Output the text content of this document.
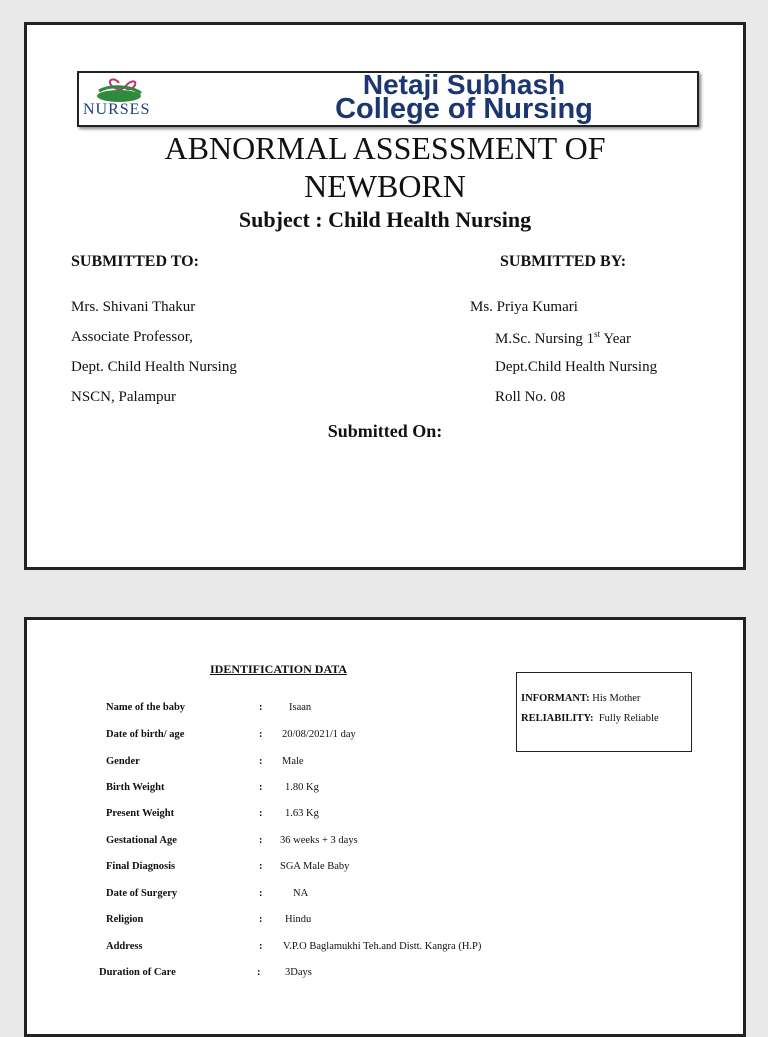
NURSES
Netaji Subhash
College of Nursing
ABNORMAL ASSESSMENT OF
NEWBORN
Subject : Child Health Nursing
SUBMITTED TO:	SUBMITTED BY:
Mrs. Shivani Thakur
Associate Professor,
Dept. Child Health Nursing
NSCN, Palampur
Ms. Priya Kumari
M.Sc. Nursing 1st Year
Dept.Child Health Nursing
Roll No. 08
Submitted On:
IDENTIFICATION DATA
INFORMANT: His Mother
RELIABILITY: Fully Reliable
Name of the baby	:	Isaan
Date of birth/ age	: 20/08/2021/1 day
Gender	: Male
Birth Weight	: 1.80 Kg
Present Weight	: 1.63 Kg
Gestational Age	: 36 weeks + 3 days
Final Diagnosis	: SGA Male Baby
Date of Surgery	:	NA
Religion	: Hindu
Address	: V.P.O Baglamukhi Teh.and Distt. Kangra (H.P)
Duration of Care	: 3Days
